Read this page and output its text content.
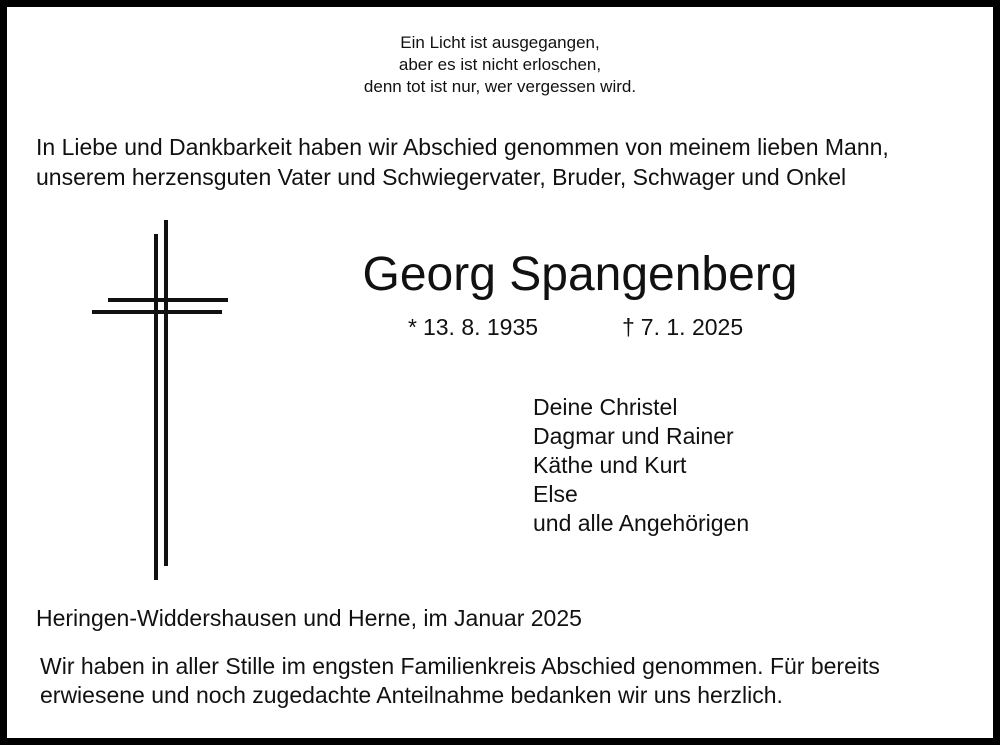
Ein Licht ist ausgegangen,
aber es ist nicht erloschen,
denn tot ist nur, wer vergessen wird.
In Liebe und Dankbarkeit haben wir Abschied genommen von meinem lieben Mann,
unserem herzensguten Vater und Schwiegervater, Bruder, Schwager und Onkel
Georg Spangenberg
* 13. 8. 1935	† 7. 1. 2025
Deine Christel
Dagmar und Rainer
Käthe und Kurt
Else
und alle Angehörigen
Heringen-Widdershausen und Herne, im Januar 2025
Wir haben in aller Stille im engsten Familienkreis Abschied genommen. Für bereits
erwiesene und noch zugedachte Anteilnahme bedanken wir uns herzlich.
